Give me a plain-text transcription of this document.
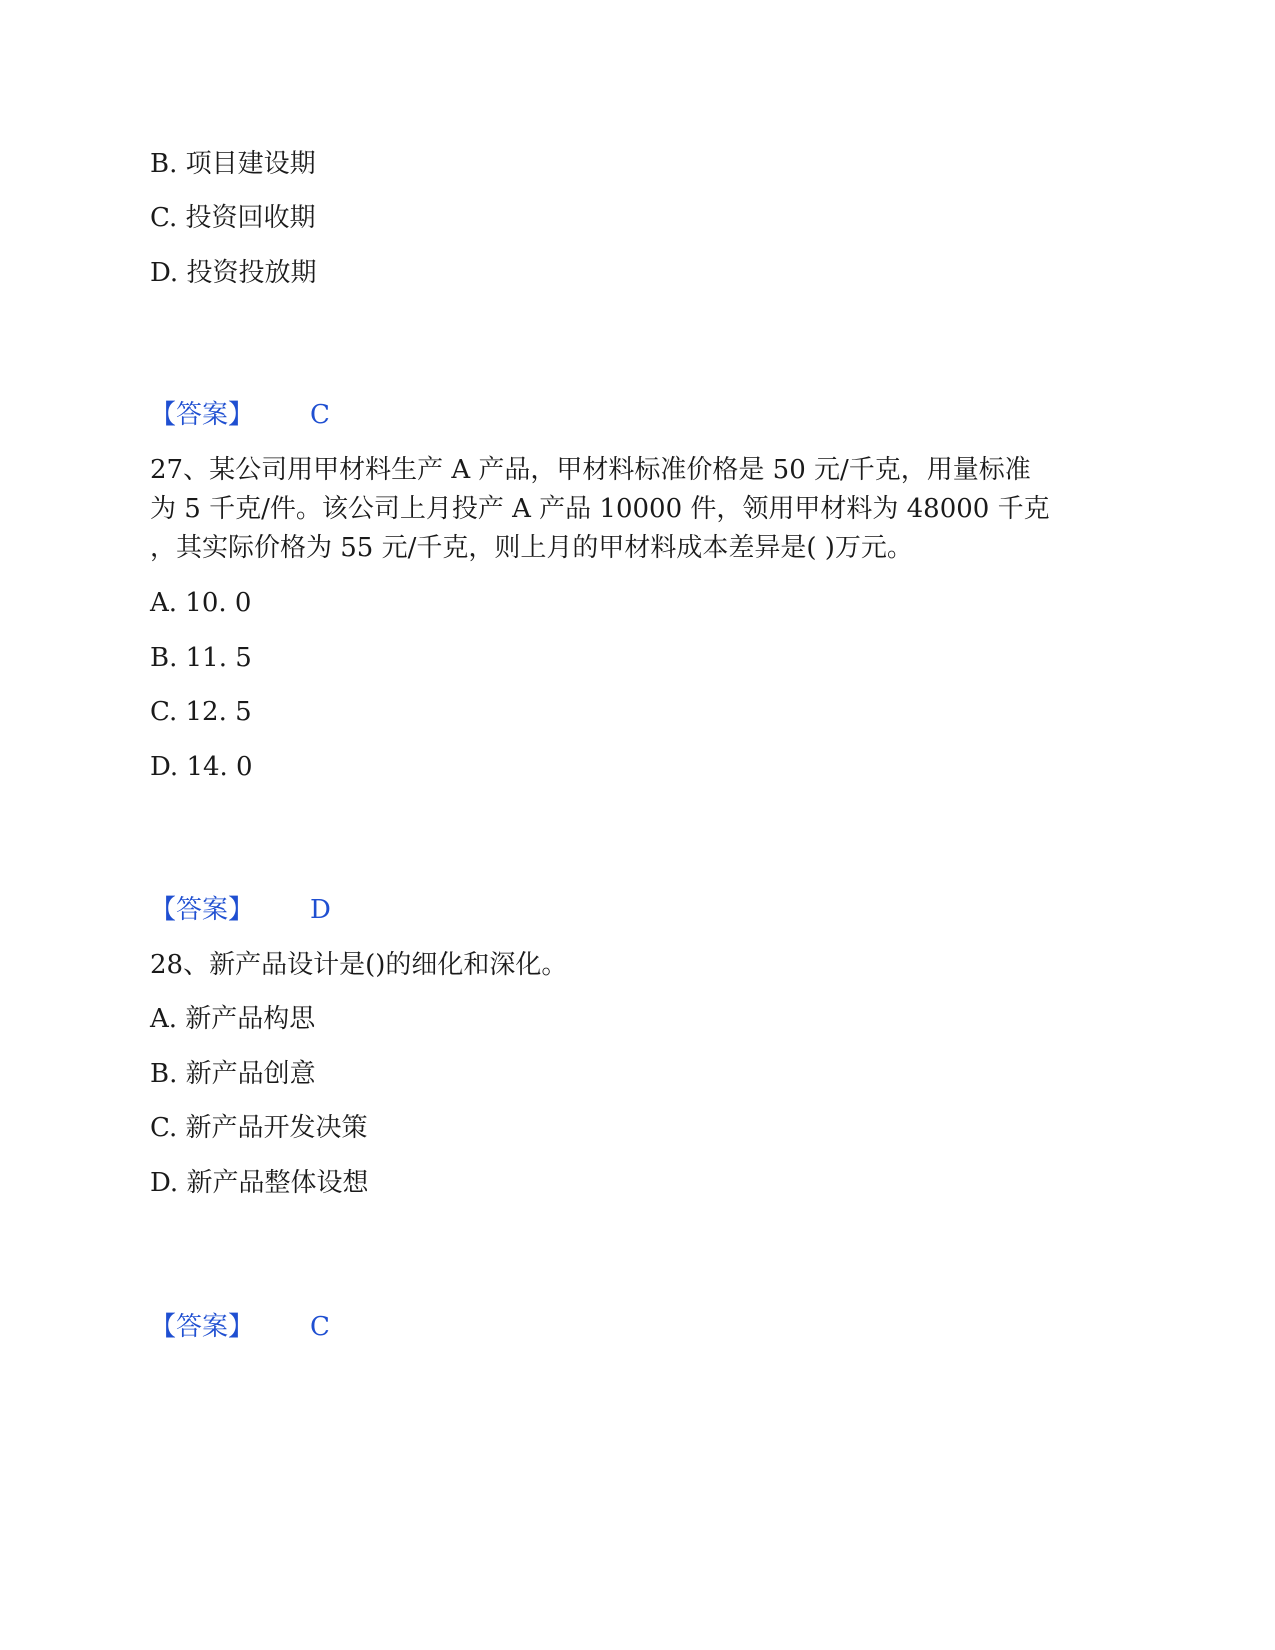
B. 项目建设期
C. 投资回收期
D. 投资投放期
【答案】 C
27、某公司用甲材料生产 A 产品，甲材料标准价格是 50 元/千克，用量标准
为 5 千克/件。该公司上月投产 A 产品 10000 件，领用甲材料为 48000 千克
，其实际价格为 55 元/千克，则上月的甲材料成本差异是( )万元。
A. 10. 0
B. 11. 5
C. 12. 5
D. 14. 0
【答案】 D
28、新产品设计是()的细化和深化。
A. 新产品构思
B. 新产品创意
C. 新产品开发决策
D. 新产品整体设想
【答案】 C
